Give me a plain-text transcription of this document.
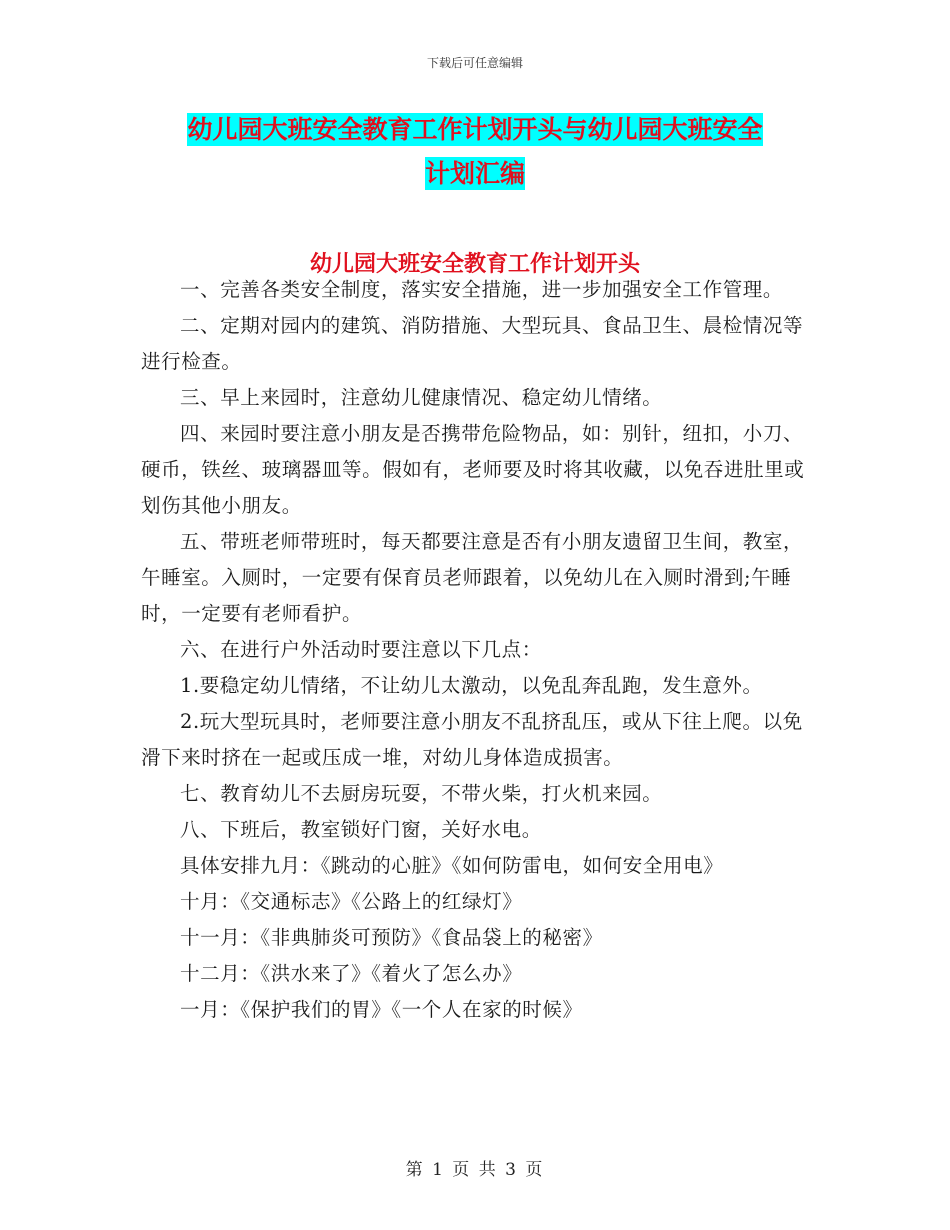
下载后可任意编辑
幼儿园大班安全教育工作计划开头与幼儿园大班安全
计划汇编
幼儿园大班安全教育工作计划开头

一、完善各类安全制度，落实安全措施，进一步加强安全工作管理。

二、定期对园内的建筑、消防措施、大型玩具、食品卫生、晨检情况等进行检查。

三、早上来园时，注意幼儿健康情况、稳定幼儿情绪。

四、来园时要注意小朋友是否携带危险物品，如：别针，纽扣，小刀、硬币，铁丝、玻璃器皿等。假如有，老师要及时将其收藏，以免吞进肚里或划伤其他小朋友。

五、带班老师带班时，每天都要注意是否有小朋友遗留卫生间，教室，午睡室。入厕时，一定要有保育员老师跟着，以免幼儿在入厕时滑到;午睡时，一定要有老师看护。

六、在进行户外活动时要注意以下几点：

1.要稳定幼儿情绪，不让幼儿太激动，以免乱奔乱跑，发生意外。

2.玩大型玩具时，老师要注意小朋友不乱挤乱压，或从下往上爬。以免滑下来时挤在一起或压成一堆，对幼儿身体造成损害。

七、教育幼儿不去厨房玩耍，不带火柴，打火机来园。

八、下班后，教室锁好门窗，关好水电。

具体安排九月：《跳动的心脏》《如何防雷电，如何安全用电》

十月：《交通标志》《公路上的红绿灯》

十一月：《非典肺炎可预防》《食品袋上的秘密》

十二月：《洪水来了》《着火了怎么办》

一月：《保护我们的胃》《一个人在家的时候》

第 1 页 共 3 页
